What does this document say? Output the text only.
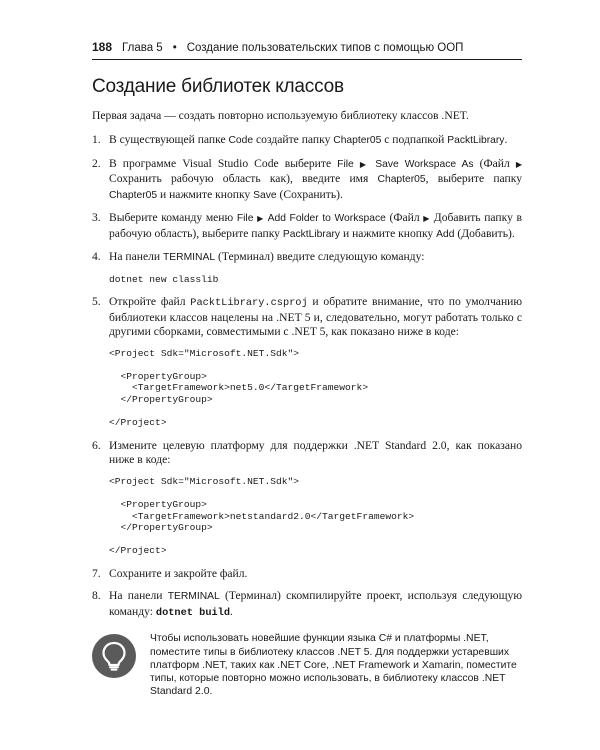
188 Глава 5 • Создание пользовательских типов с помощью ООП
Создание библиотек классов

Первая задача — создать повторно используемую библиотеку классов .NET.

1. В существующей папке Code создайте папку Chapter05 с подпапкой PacktLibrary.
2. В программе Visual Studio Code выберите File ▶ Save Workspace As (Файл ▶ Сохранить рабочую область как), введите имя Chapter05, выберите папку Chapter05 и нажмите кнопку Save (Сохранить).
3. Выберите команду меню File ▶ Add Folder to Workspace (Файл ▶ Добавить папку в рабочую область), выберите папку PacktLibrary и нажмите кнопку Add (Добавить).
4. На панели TERMINAL (Терминал) введите следующую команду:
dotnet new classlib
5. Откройте файл PacktLibrary.csproj и обратите внимание, что по умолчанию библиотеки классов нацелены на .NET 5 и, следовательно, могут работать только с другими сборками, совместимыми с .NET 5, как показано ниже в коде:
<Project Sdk="Microsoft.NET.Sdk">

<PropertyGroup>
<TargetFramework>net5.0</TargetFramework>
</PropertyGroup>

</Project>
6. Измените целевую платформу для поддержки .NET Standard 2.0, как показано ниже в коде:
<Project Sdk="Microsoft.NET.Sdk">

<PropertyGroup>
<TargetFramework>netstandard2.0</TargetFramework>
</PropertyGroup>

</Project>
7. Сохраните и закройте файл.
8. На панели TERMINAL (Терминал) скомпилируйте проект, используя следующую команду: dotnet build.
Чтобы использовать новейшие функции языка C# и платформы .NET, поместите типы в библиотеку классов .NET 5. Для поддержки устаревших платформ .NET, таких как .NET Core, .NET Framework и Xamarin, поместите типы, которые повторно можно использовать, в библиотеку классов .NET Standard 2.0.
